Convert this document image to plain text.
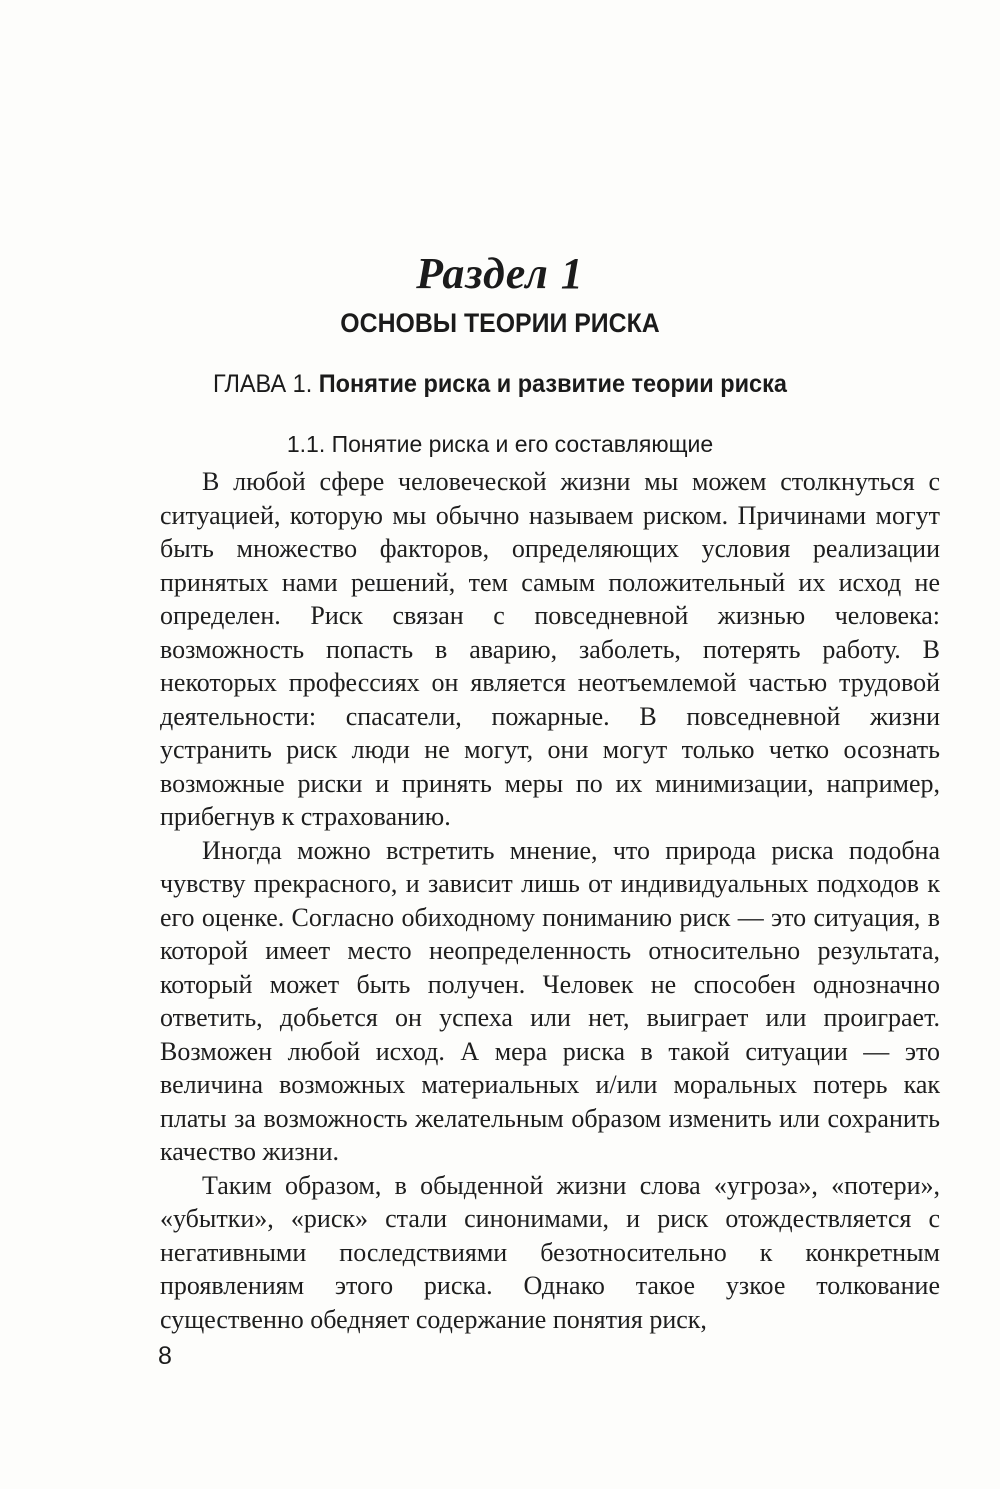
Раздел 1
ОСНОВЫ ТЕОРИИ РИСКА
ГЛАВА 1. Понятие риска и развитие теории риска
1.1. Понятие риска и его составляющие

В любой сфере человеческой жизни мы можем столкнуться с ситуацией, которую мы обычно называем риском. Причинами могут быть множество факторов, определяющих условия реализации принятых нами решений, тем самым положительный их исход не определен. Риск связан с повседневной жизнью человека: возможность попасть в аварию, заболеть, потерять работу. В некоторых профессиях он является неотъемлемой частью трудовой деятельности: спасатели, пожарные. В повседневной жизни устранить риск люди не могут, они могут только четко осознать возможные риски и принять меры по их минимизации, например, прибегнув к страхованию.

Иногда можно встретить мнение, что природа риска подобна чувству прекрасного, и зависит лишь от индивидуальных подходов к его оценке. Согласно обиходному пониманию риск — это ситуация, в которой имеет место неопределенность относительно результата, который может быть получен. Человек не способен однозначно ответить, добьется он успеха или нет, выиграет или проиграет. Возможен любой исход. А мера риска в такой ситуации — это величина возможных материальных и/или моральных потерь как платы за возможность желательным образом изменить или сохранить качество жизни.

Таким образом, в обыденной жизни слова «угроза», «потери», «убытки», «риск» стали синонимами, и риск отождествляется с негативными последствиями безотносительно к конкретным проявлениям этого риска. Однако такое узкое толкование существенно обедняет содержание понятия риск,

8
